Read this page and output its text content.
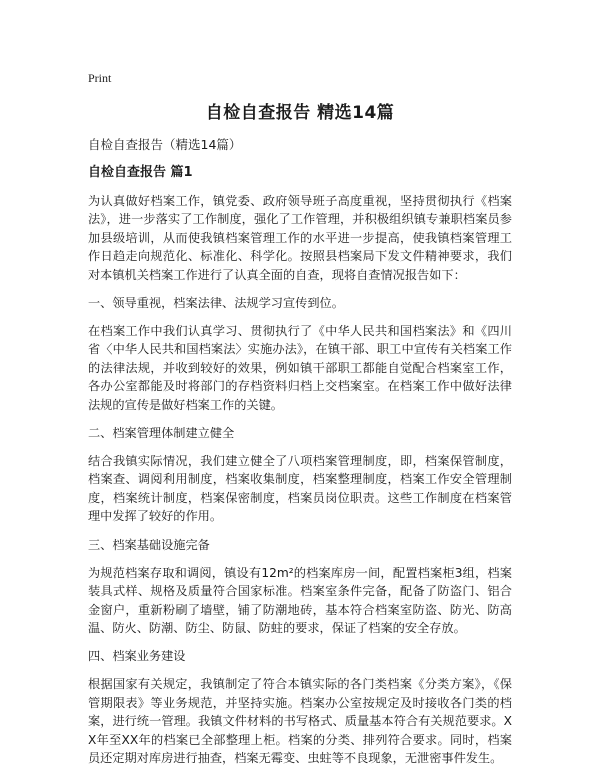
Print

自检自查报告 精选14篇

自检自查报告（精选14篇）

自检自查报告 篇1

为认真做好档案工作，镇党委、政府领导班子高度重视，坚持贯彻执行《档案法》，进一步落实了工作制度，强化了工作管理，并积极组织镇专兼职档案员参加县级培训，从而使我镇档案管理工作的水平进一步提高，使我镇档案管理工作日趋走向规范化、标准化、科学化。按照县档案局下发文件精神要求，我们对本镇机关档案工作进行了认真全面的自查，现将自查情况报告如下：

一、领导重视，档案法律、法规学习宣传到位。

在档案工作中我们认真学习、贯彻执行了《中华人民共和国档案法》和《四川省〈中华人民共和国档案法〉实施办法》，在镇干部、职工中宣传有关档案工作的法律法规，并收到较好的效果，例如镇干部职工都能自觉配合档案室工作，各办公室都能及时将部门的存档资料归档上交档案室。在档案工作中做好法律法规的宣传是做好档案工作的关键。

二、档案管理体制建立健全

结合我镇实际情况，我们建立健全了八项档案管理制度，即，档案保管制度，档案查、调阅利用制度，档案收集制度，档案整理制度，档案工作安全管理制度，档案统计制度，档案保密制度，档案员岗位职责。这些工作制度在档案管理中发挥了较好的作用。

三、档案基础设施完备

为规范档案存取和调阅，镇设有12m²的档案库房一间，配置档案柜3组，档案装具式样、规格及质量符合国家标准。档案室条件完备，配备了防盗门、铝合金窗户，重新粉刷了墙壁，铺了防潮地砖，基本符合档案室防盗、防光、防高温、防火、防潮、防尘、防鼠、防蛀的要求，保证了档案的安全存放。

四、档案业务建设

根据国家有关规定，我镇制定了符合本镇实际的各门类档案《分类方案》，《保管期限表》等业务规范，并坚持实施。档案办公室按规定及时接收各门类的档案，进行统一管理。我镇文件材料的书写格式、质量基本符合有关规范要求。XX年至XX年的档案已全部整理上柜。档案的分类、排列符合要求。同时，档案员还定期对库房进行抽查，档案无霉变、虫蛀等不良现象，无泄密事件发生。
